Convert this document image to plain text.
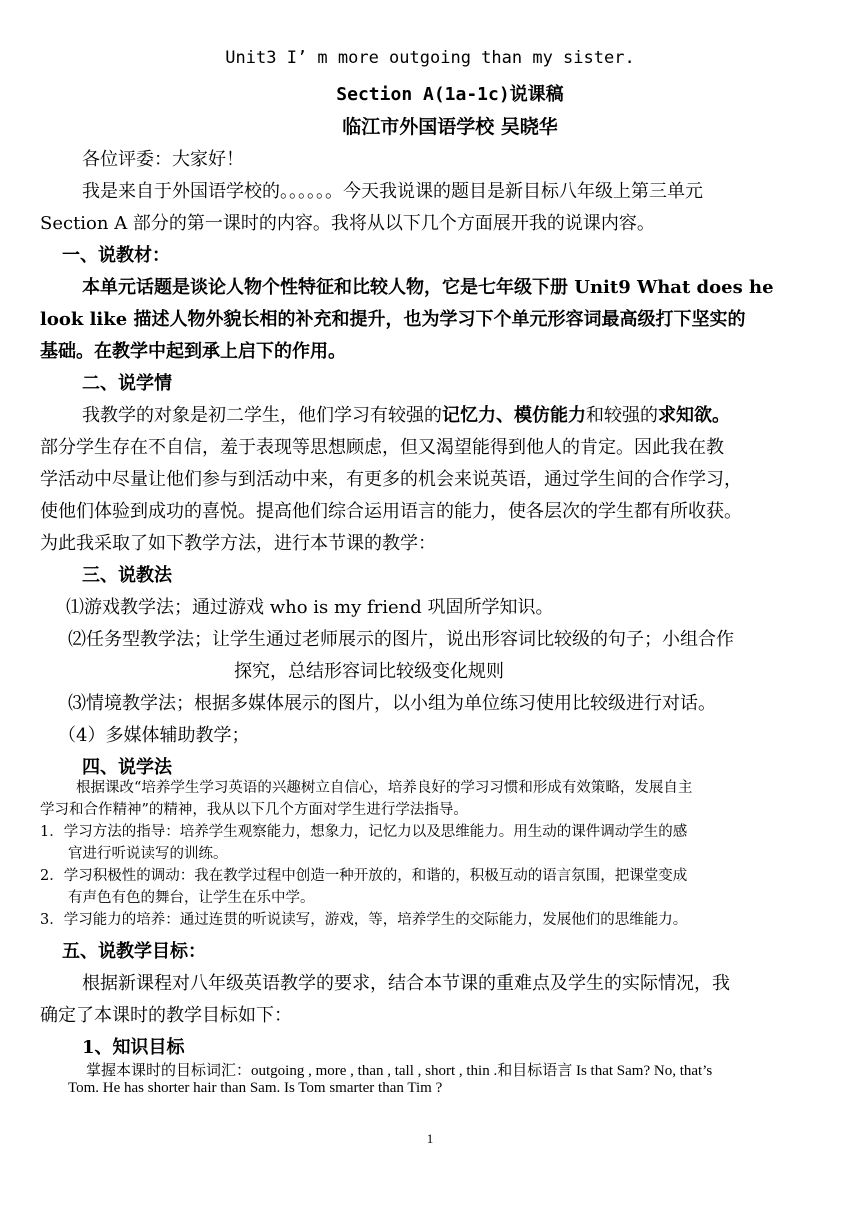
Unit3 I’ m more outgoing than my sister.
Section A(1a-1c)说课稿
临江市外国语学校 吴晓华
各位评委：大家好！
我是来自于外国语学校的。。。。。。今天我说课的题目是新目标八年级上第三单元
Section A 部分的第一课时的内容。我将从以下几个方面展开我的说课内容。
一、说教材：
本单元话题是谈论人物个性特征和比较人物，它是七年级下册 Unit9 What does he
look like 描述人物外貌长相的补充和提升，也为学习下个单元形容词最高级打下坚实的
基础。在教学中起到承上启下的作用。
二、说学情
我教学的对象是初二学生，他们学习有较强的记忆力、模仿能力和较强的求知欲。
部分学生存在不自信，羞于表现等思想顾虑，但又渴望能得到他人的肯定。因此我在教
学活动中尽量让他们参与到活动中来，有更多的机会来说英语，通过学生间的合作学习，
使他们体验到成功的喜悦。提高他们综合运用语言的能力，使各层次的学生都有所收获。
为此我采取了如下教学方法，进行本节课的教学：
三、说教法
⑴游戏教学法；通过游戏 who is my friend 巩固所学知识。
⑵任务型教学法；让学生通过老师展示的图片，说出形容词比较级的句子；小组合作
探究，总结形容词比较级变化规则
⑶情境教学法；根据多媒体展示的图片，以小组为单位练习使用比较级进行对话。
（4）多媒体辅助教学；
四、说学法
根据课改“培养学生学习英语的兴趣树立自信心，培养良好的学习习惯和形成有效策略，发展自主
学习和合作精神”的精神，我从以下几个方面对学生进行学法指导。
1．学习方法的指导：培养学生观察能力，想象力，记忆力以及思维能力。用生动的课件调动学生的感
官进行听说读写的训练。
2．学习积极性的调动：我在教学过程中创造一种开放的，和谐的，积极互动的语言氛围，把课堂变成
有声色有色的舞台，让学生在乐中学。
3．学习能力的培养：通过连贯的听说读写，游戏，等，培养学生的交际能力，发展他们的思维能力。
五、说教学目标：
根据新课程对八年级英语教学的要求，结合本节课的重难点及学生的实际情况，我
确定了本课时的教学目标如下：
1、知识目标
掌握本课时的目标词汇：outgoing , more , than , tall , short , thin .和目标语言 Is that Sam? No, that’s
Tom. He has shorter hair than Sam. Is Tom smarter than Tim ?
1
